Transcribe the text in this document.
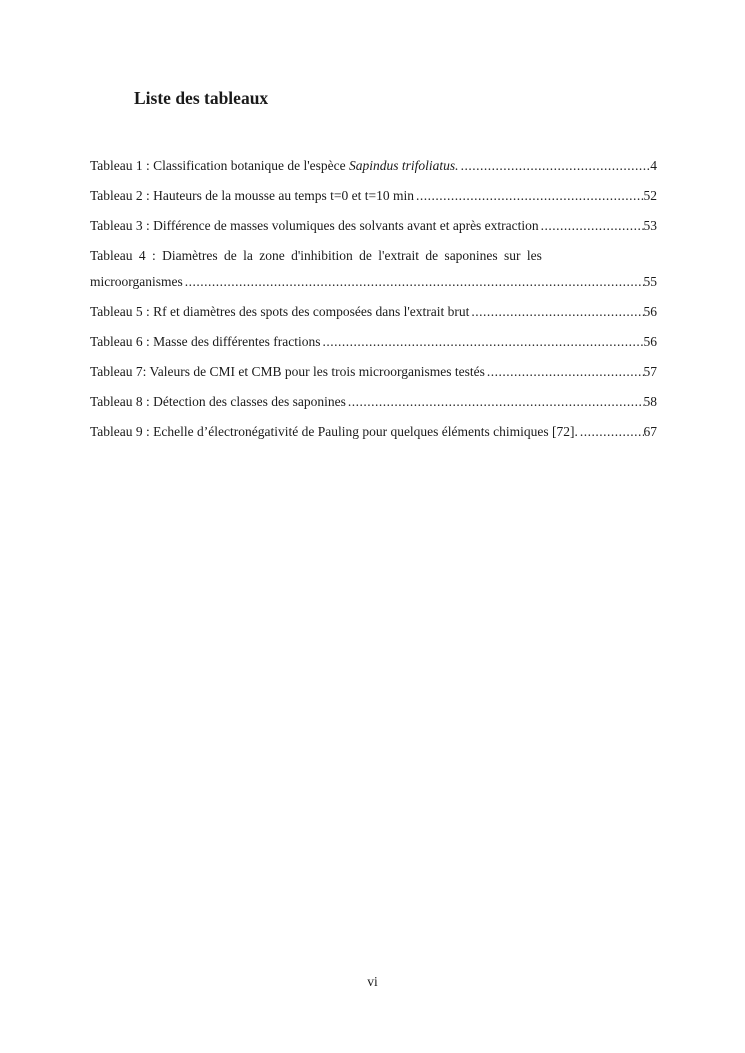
Liste des tableaux
Tableau 1 : Classification botanique de l'espèce Sapindus trifoliatus. .....	4
Tableau 2 : Hauteurs de la mousse au temps t=0 et t=10 min .....	52
Tableau 3 : Différence de masses volumiques des solvants avant et après extraction .....	53
Tableau 4 : Diamètres de la zone d'inhibition de l'extrait de saponines sur les
microorganismes .....	55
Tableau 5 : Rf et diamètres des spots des composées dans l'extrait brut .....	56
Tableau 6 : Masse des différentes fractions .....	56
Tableau 7: Valeurs de CMI et CMB pour les trois microorganismes testés .....	57
Tableau 8 : Détection des classes des saponines .....	58
Tableau 9 : Echelle d’électronégativité de Pauling pour quelques éléments chimiques [72]. .....	67
vi
